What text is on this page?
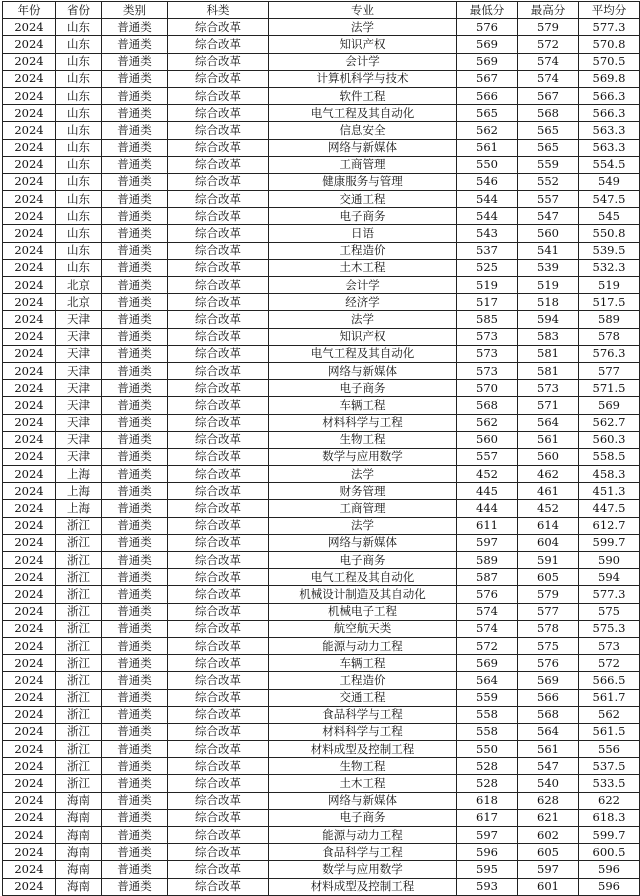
年份	省份	类别	科类	专业	最低分	最高分	平均分
2024	山东	普通类	综合改革	法学	576	579	577.3
2024	山东	普通类	综合改革	知识产权	569	572	570.8
2024	山东	普通类	综合改革	会计学	569	574	570.5
2024	山东	普通类	综合改革	计算机科学与技术	567	574	569.8
2024	山东	普通类	综合改革	软件工程	566	567	566.3
2024	山东	普通类	综合改革	电气工程及其自动化	565	568	566.3
2024	山东	普通类	综合改革	信息安全	562	565	563.3
2024	山东	普通类	综合改革	网络与新媒体	561	565	563.3
2024	山东	普通类	综合改革	工商管理	550	559	554.5
2024	山东	普通类	综合改革	健康服务与管理	546	552	549
2024	山东	普通类	综合改革	交通工程	544	557	547.5
2024	山东	普通类	综合改革	电子商务	544	547	545
2024	山东	普通类	综合改革	日语	543	560	550.8
2024	山东	普通类	综合改革	工程造价	537	541	539.5
2024	山东	普通类	综合改革	土木工程	525	539	532.3
2024	北京	普通类	综合改革	会计学	519	519	519
2024	北京	普通类	综合改革	经济学	517	518	517.5
2024	天津	普通类	综合改革	法学	585	594	589
2024	天津	普通类	综合改革	知识产权	573	583	578
2024	天津	普通类	综合改革	电气工程及其自动化	573	581	576.3
2024	天津	普通类	综合改革	网络与新媒体	573	581	577
2024	天津	普通类	综合改革	电子商务	570	573	571.5
2024	天津	普通类	综合改革	车辆工程	568	571	569
2024	天津	普通类	综合改革	材料科学与工程	562	564	562.7
2024	天津	普通类	综合改革	生物工程	560	561	560.3
2024	天津	普通类	综合改革	数学与应用数学	557	560	558.5
2024	上海	普通类	综合改革	法学	452	462	458.3
2024	上海	普通类	综合改革	财务管理	445	461	451.3
2024	上海	普通类	综合改革	工商管理	444	452	447.5
2024	浙江	普通类	综合改革	法学	611	614	612.7
2024	浙江	普通类	综合改革	网络与新媒体	597	604	599.7
2024	浙江	普通类	综合改革	电子商务	589	591	590
2024	浙江	普通类	综合改革	电气工程及其自动化	587	605	594
2024	浙江	普通类	综合改革	机械设计制造及其自动化	576	579	577.3
2024	浙江	普通类	综合改革	机械电子工程	574	577	575
2024	浙江	普通类	综合改革	航空航天类	574	578	575.3
2024	浙江	普通类	综合改革	能源与动力工程	572	575	573
2024	浙江	普通类	综合改革	车辆工程	569	576	572
2024	浙江	普通类	综合改革	工程造价	564	569	566.5
2024	浙江	普通类	综合改革	交通工程	559	566	561.7
2024	浙江	普通类	综合改革	食品科学与工程	558	568	562
2024	浙江	普通类	综合改革	材料科学与工程	558	564	561.5
2024	浙江	普通类	综合改革	材料成型及控制工程	550	561	556
2024	浙江	普通类	综合改革	生物工程	528	547	537.5
2024	浙江	普通类	综合改革	土木工程	528	540	533.5
2024	海南	普通类	综合改革	网络与新媒体	618	628	622
2024	海南	普通类	综合改革	电子商务	617	621	618.3
2024	海南	普通类	综合改革	能源与动力工程	597	602	599.7
2024	海南	普通类	综合改革	食品科学与工程	596	605	600.5
2024	海南	普通类	综合改革	数学与应用数学	595	597	596
2024	海南	普通类	综合改革	材料成型及控制工程	593	601	596
